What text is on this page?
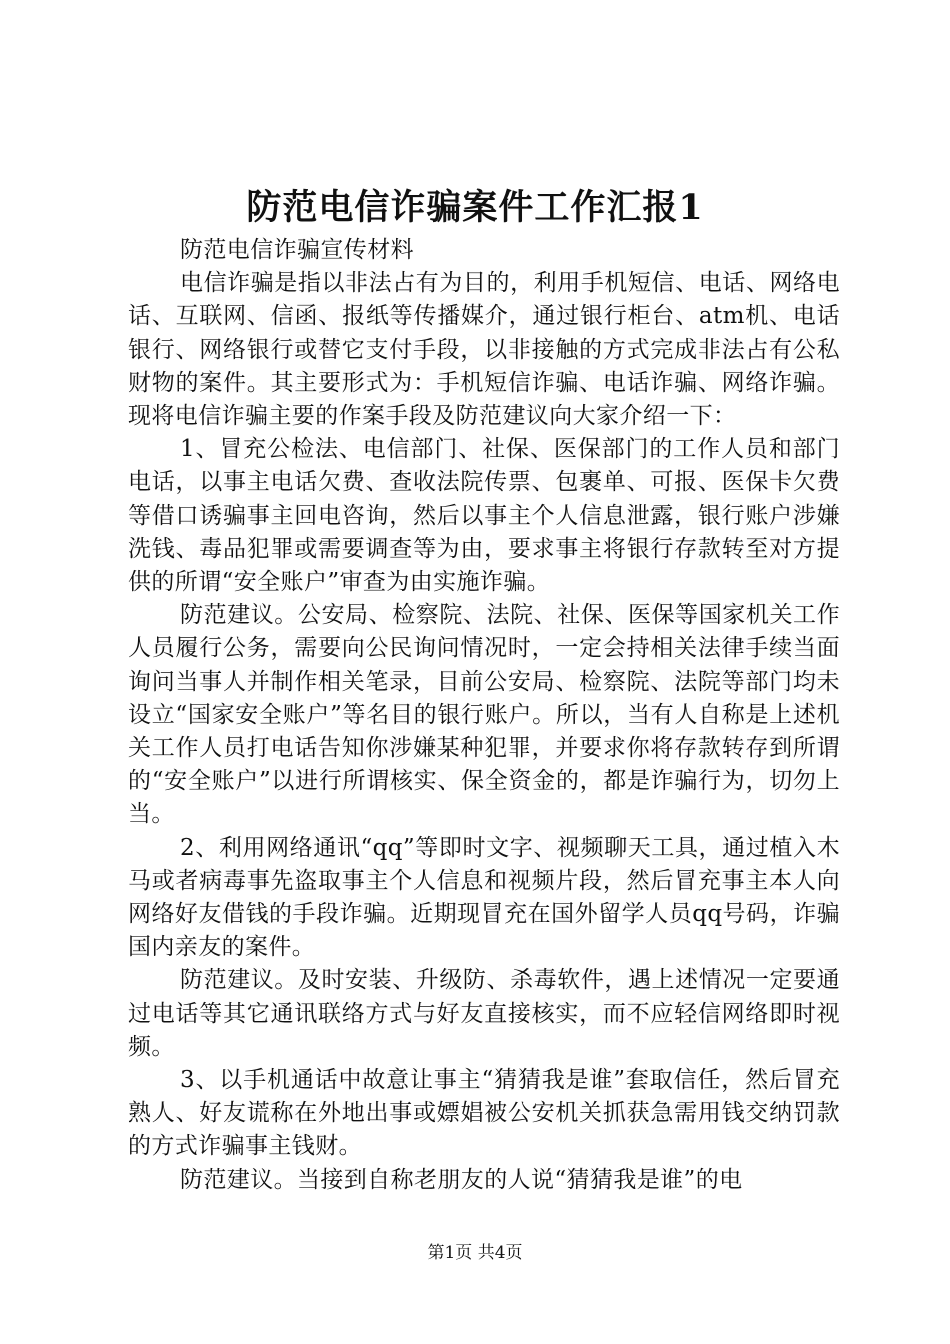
防范电信诈骗案件工作汇报1

防范电信诈骗宣传材料

电信诈骗是指以非法占有为目的，利用手机短信、电话、网络电话、互联网、信函、报纸等传播媒介，通过银行柜台、atm机、电话银行、网络银行或替它支付手段，以非接触的方式完成非法占有公私财物的案件。其主要形式为：手机短信诈骗、电话诈骗、网络诈骗。现将电信诈骗主要的作案手段及防范建议向大家介绍一下：

1、冒充公检法、电信部门、社保、医保部门的工作人员和部门电话，以事主电话欠费、查收法院传票、包裹单、可报、医保卡欠费等借口诱骗事主回电咨询，然后以事主个人信息泄露，银行账户涉嫌洗钱、毒品犯罪或需要调查等为由，要求事主将银行存款转至对方提供的所谓“安全账户”审查为由实施诈骗。

防范建议。公安局、检察院、法院、社保、医保等国家机关工作人员履行公务，需要向公民询问情况时，一定会持相关法律手续当面询问当事人并制作相关笔录，目前公安局、检察院、法院等部门均未设立“国家安全账户”等名目的银行账户。所以，当有人自称是上述机关工作人员打电话告知你涉嫌某种犯罪，并要求你将存款转存到所谓的“安全账户”以进行所谓核实、保全资金的，都是诈骗行为，切勿上当。

2、利用网络通讯“qq”等即时文字、视频聊天工具，通过植入木马或者病毒事先盗取事主个人信息和视频片段，然后冒充事主本人向网络好友借钱的手段诈骗。近期现冒充在国外留学人员qq号码，诈骗国内亲友的案件。

防范建议。及时安装、升级防、杀毒软件，遇上述情况一定要通过电话等其它通讯联络方式与好友直接核实，而不应轻信网络即时视频。

3、以手机通话中故意让事主“猜猜我是谁”套取信任，然后冒充熟人、好友谎称在外地出事或嫖娼被公安机关抓获急需用钱交纳罚款的方式诈骗事主钱财。

防范建议。当接到自称老朋友的人说“猜猜我是谁”的电

第1页 共4页
